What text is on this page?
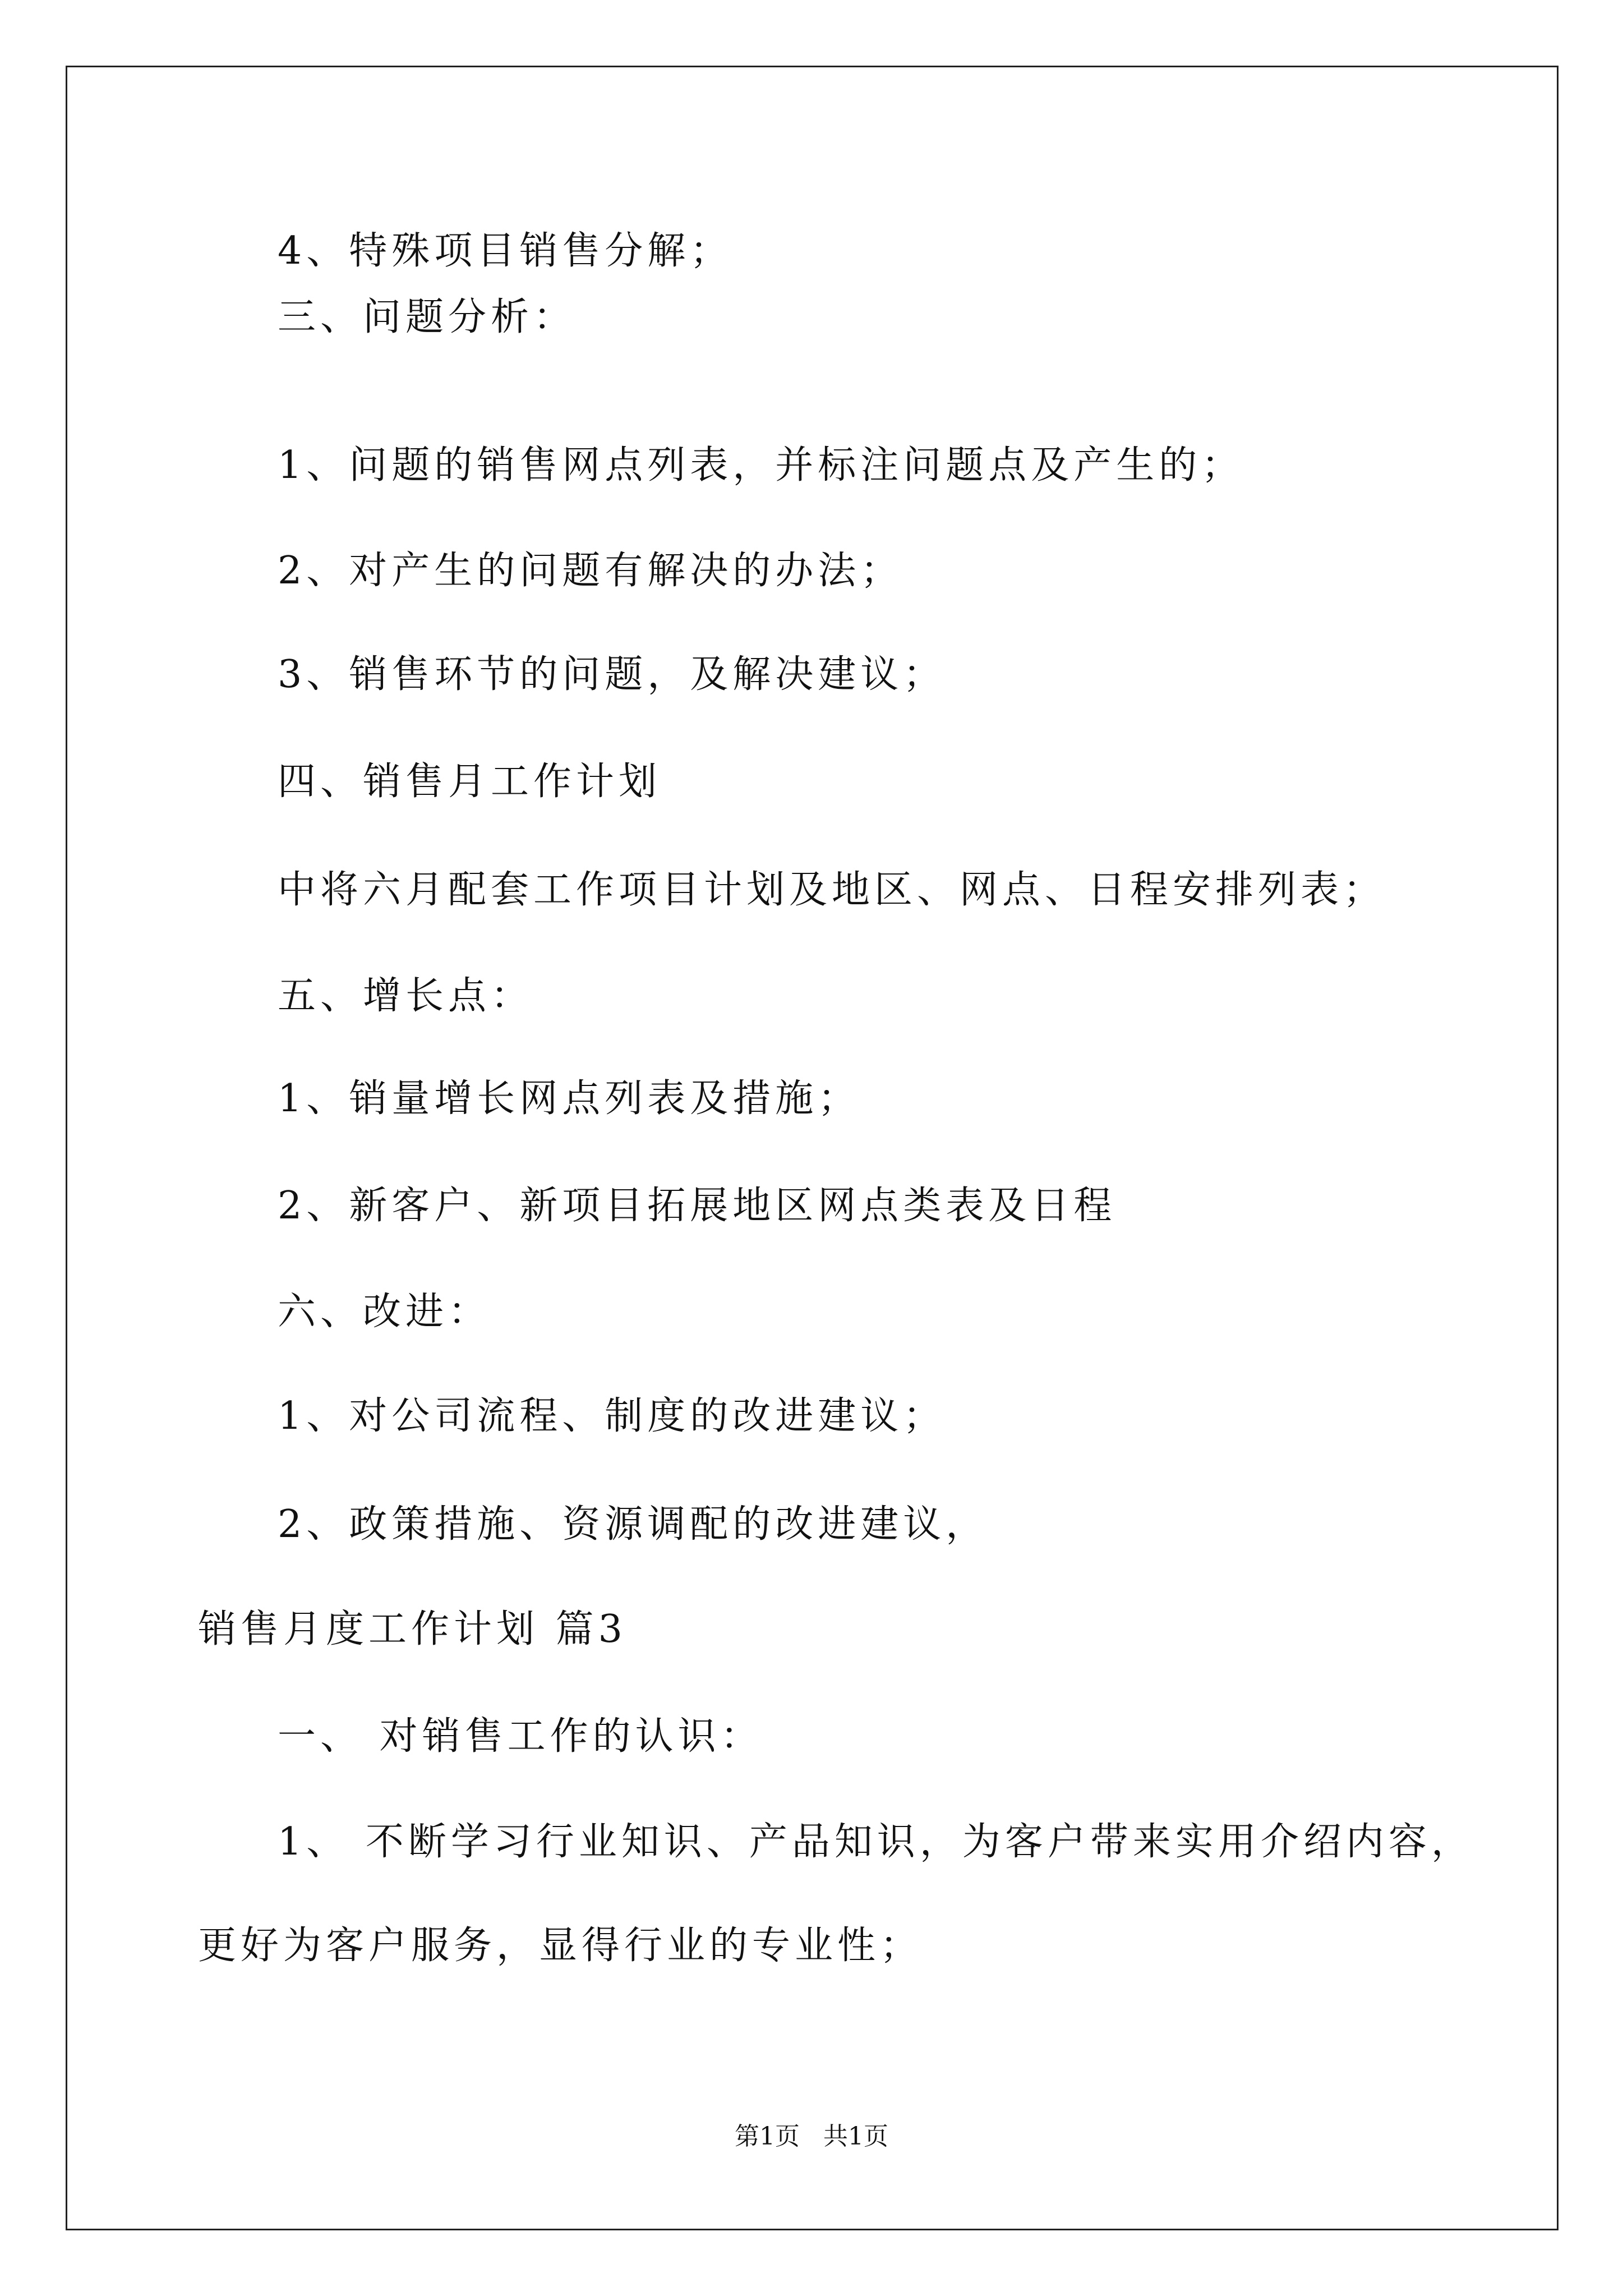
4、特殊项目销售分解；
三、问题分析：
1、问题的销售网点列表，并标注问题点及产生的；
2、对产生的问题有解决的办法；
3、销售环节的问题，及解决建议；
四、销售月工作计划
中将六月配套工作项目计划及地区、网点、日程安排列表；
五、增长点：
1、销量增长网点列表及措施；
2、新客户、新项目拓展地区网点类表及日程
六、改进：
1、对公司流程、制度的改进建议；
2、政策措施、资源调配的改进建议，
销售月度工作计划 篇3
一、 对销售工作的认识：
1、 不断学习行业知识、产品知识，为客户带来实用介绍内容，
更好为客户服务，显得行业的专业性；
第1页   共1页
